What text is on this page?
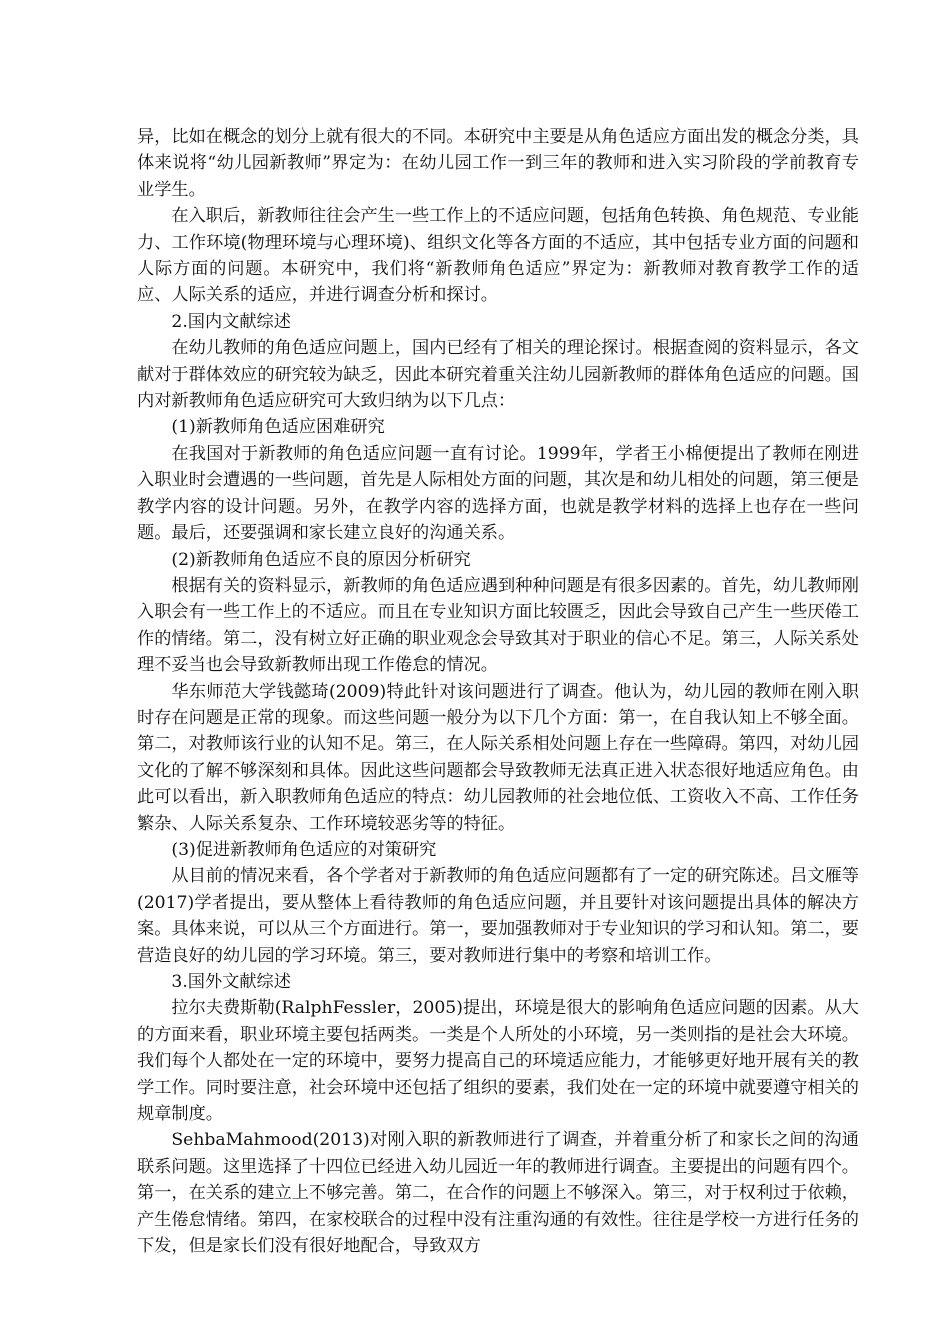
异，比如在概念的划分上就有很大的不同。本研究中主要是从角色适应方面出发的概念分类，具体来说将“幼儿园新教师”界定为：在幼儿园工作一到三年的教师和进入实习阶段的学前教育专业学生。

在入职后，新教师往往会产生一些工作上的不适应问题，包括角色转换、角色规范、专业能力、工作环境(物理环境与心理环境)、组织文化等各方面的不适应，其中包括专业方面的问题和人际方面的问题。本研究中，我们将“新教师角色适应”界定为：新教师对教育教学工作的适应、人际关系的适应，并进行调查分析和探讨。

2.国内文献综述

在幼儿教师的角色适应问题上，国内已经有了相关的理论探讨。根据查阅的资料显示，各文献对于群体效应的研究较为缺乏，因此本研究着重关注幼儿园新教师的群体角色适应的问题。国内对新教师角色适应研究可大致归纳为以下几点：

(1)新教师角色适应困难研究

在我国对于新教师的角色适应问题一直有讨论。1999年，学者王小棉便提出了教师在刚进入职业时会遭遇的一些问题，首先是人际相处方面的问题，其次是和幼儿相处的问题，第三便是教学内容的设计问题。另外，在教学内容的选择方面，也就是教学材料的选择上也存在一些问题。最后，还要强调和家长建立良好的沟通关系。

(2)新教师角色适应不良的原因分析研究

根据有关的资料显示，新教师的角色适应遇到种种问题是有很多因素的。首先，幼儿教师刚入职会有一些工作上的不适应。而且在专业知识方面比较匮乏，因此会导致自己产生一些厌倦工作的情绪。第二，没有树立好正确的职业观念会导致其对于职业的信心不足。第三，人际关系处理不妥当也会导致新教师出现工作倦怠的情况。

华东师范大学钱懿琦(2009)特此针对该问题进行了调查。他认为，幼儿园的教师在刚入职时存在问题是正常的现象。而这些问题一般分为以下几个方面：第一，在自我认知上不够全面。第二，对教师该行业的认知不足。第三，在人际关系相处问题上存在一些障碍。第四，对幼儿园文化的了解不够深刻和具体。因此这些问题都会导致教师无法真正进入状态很好地适应角色。由此可以看出，新入职教师角色适应的特点：幼儿园教师的社会地位低、工资收入不高、工作任务繁杂、人际关系复杂、工作环境较恶劣等的特征。

(3)促进新教师角色适应的对策研究

从目前的情况来看，各个学者对于新教师的角色适应问题都有了一定的研究陈述。吕文雁等(2017)学者提出，要从整体上看待教师的角色适应问题，并且要针对该问题提出具体的解决方案。具体来说，可以从三个方面进行。第一，要加强教师对于专业知识的学习和认知。第二，要营造良好的幼儿园的学习环境。第三，要对教师进行集中的考察和培训工作。

3.国外文献综述

拉尔夫费斯勒(RalphFessler，2005)提出，环境是很大的影响角色适应问题的因素。从大的方面来看，职业环境主要包括两类。一类是个人所处的小环境，另一类则指的是社会大环境。我们每个人都处在一定的环境中，要努力提高自己的环境适应能力，才能够更好地开展有关的教学工作。同时要注意，社会环境中还包括了组织的要素，我们处在一定的环境中就要遵守相关的规章制度。

SehbaMahmood(2013)对刚入职的新教师进行了调查，并着重分析了和家长之间的沟通联系问题。这里选择了十四位已经进入幼儿园近一年的教师进行调查。主要提出的问题有四个。第一，在关系的建立上不够完善。第二，在合作的问题上不够深入。第三，对于权利过于依赖，产生倦怠情绪。第四，在家校联合的过程中没有注重沟通的有效性。往往是学校一方进行任务的下发，但是家长们没有很好地配合，导致双方
